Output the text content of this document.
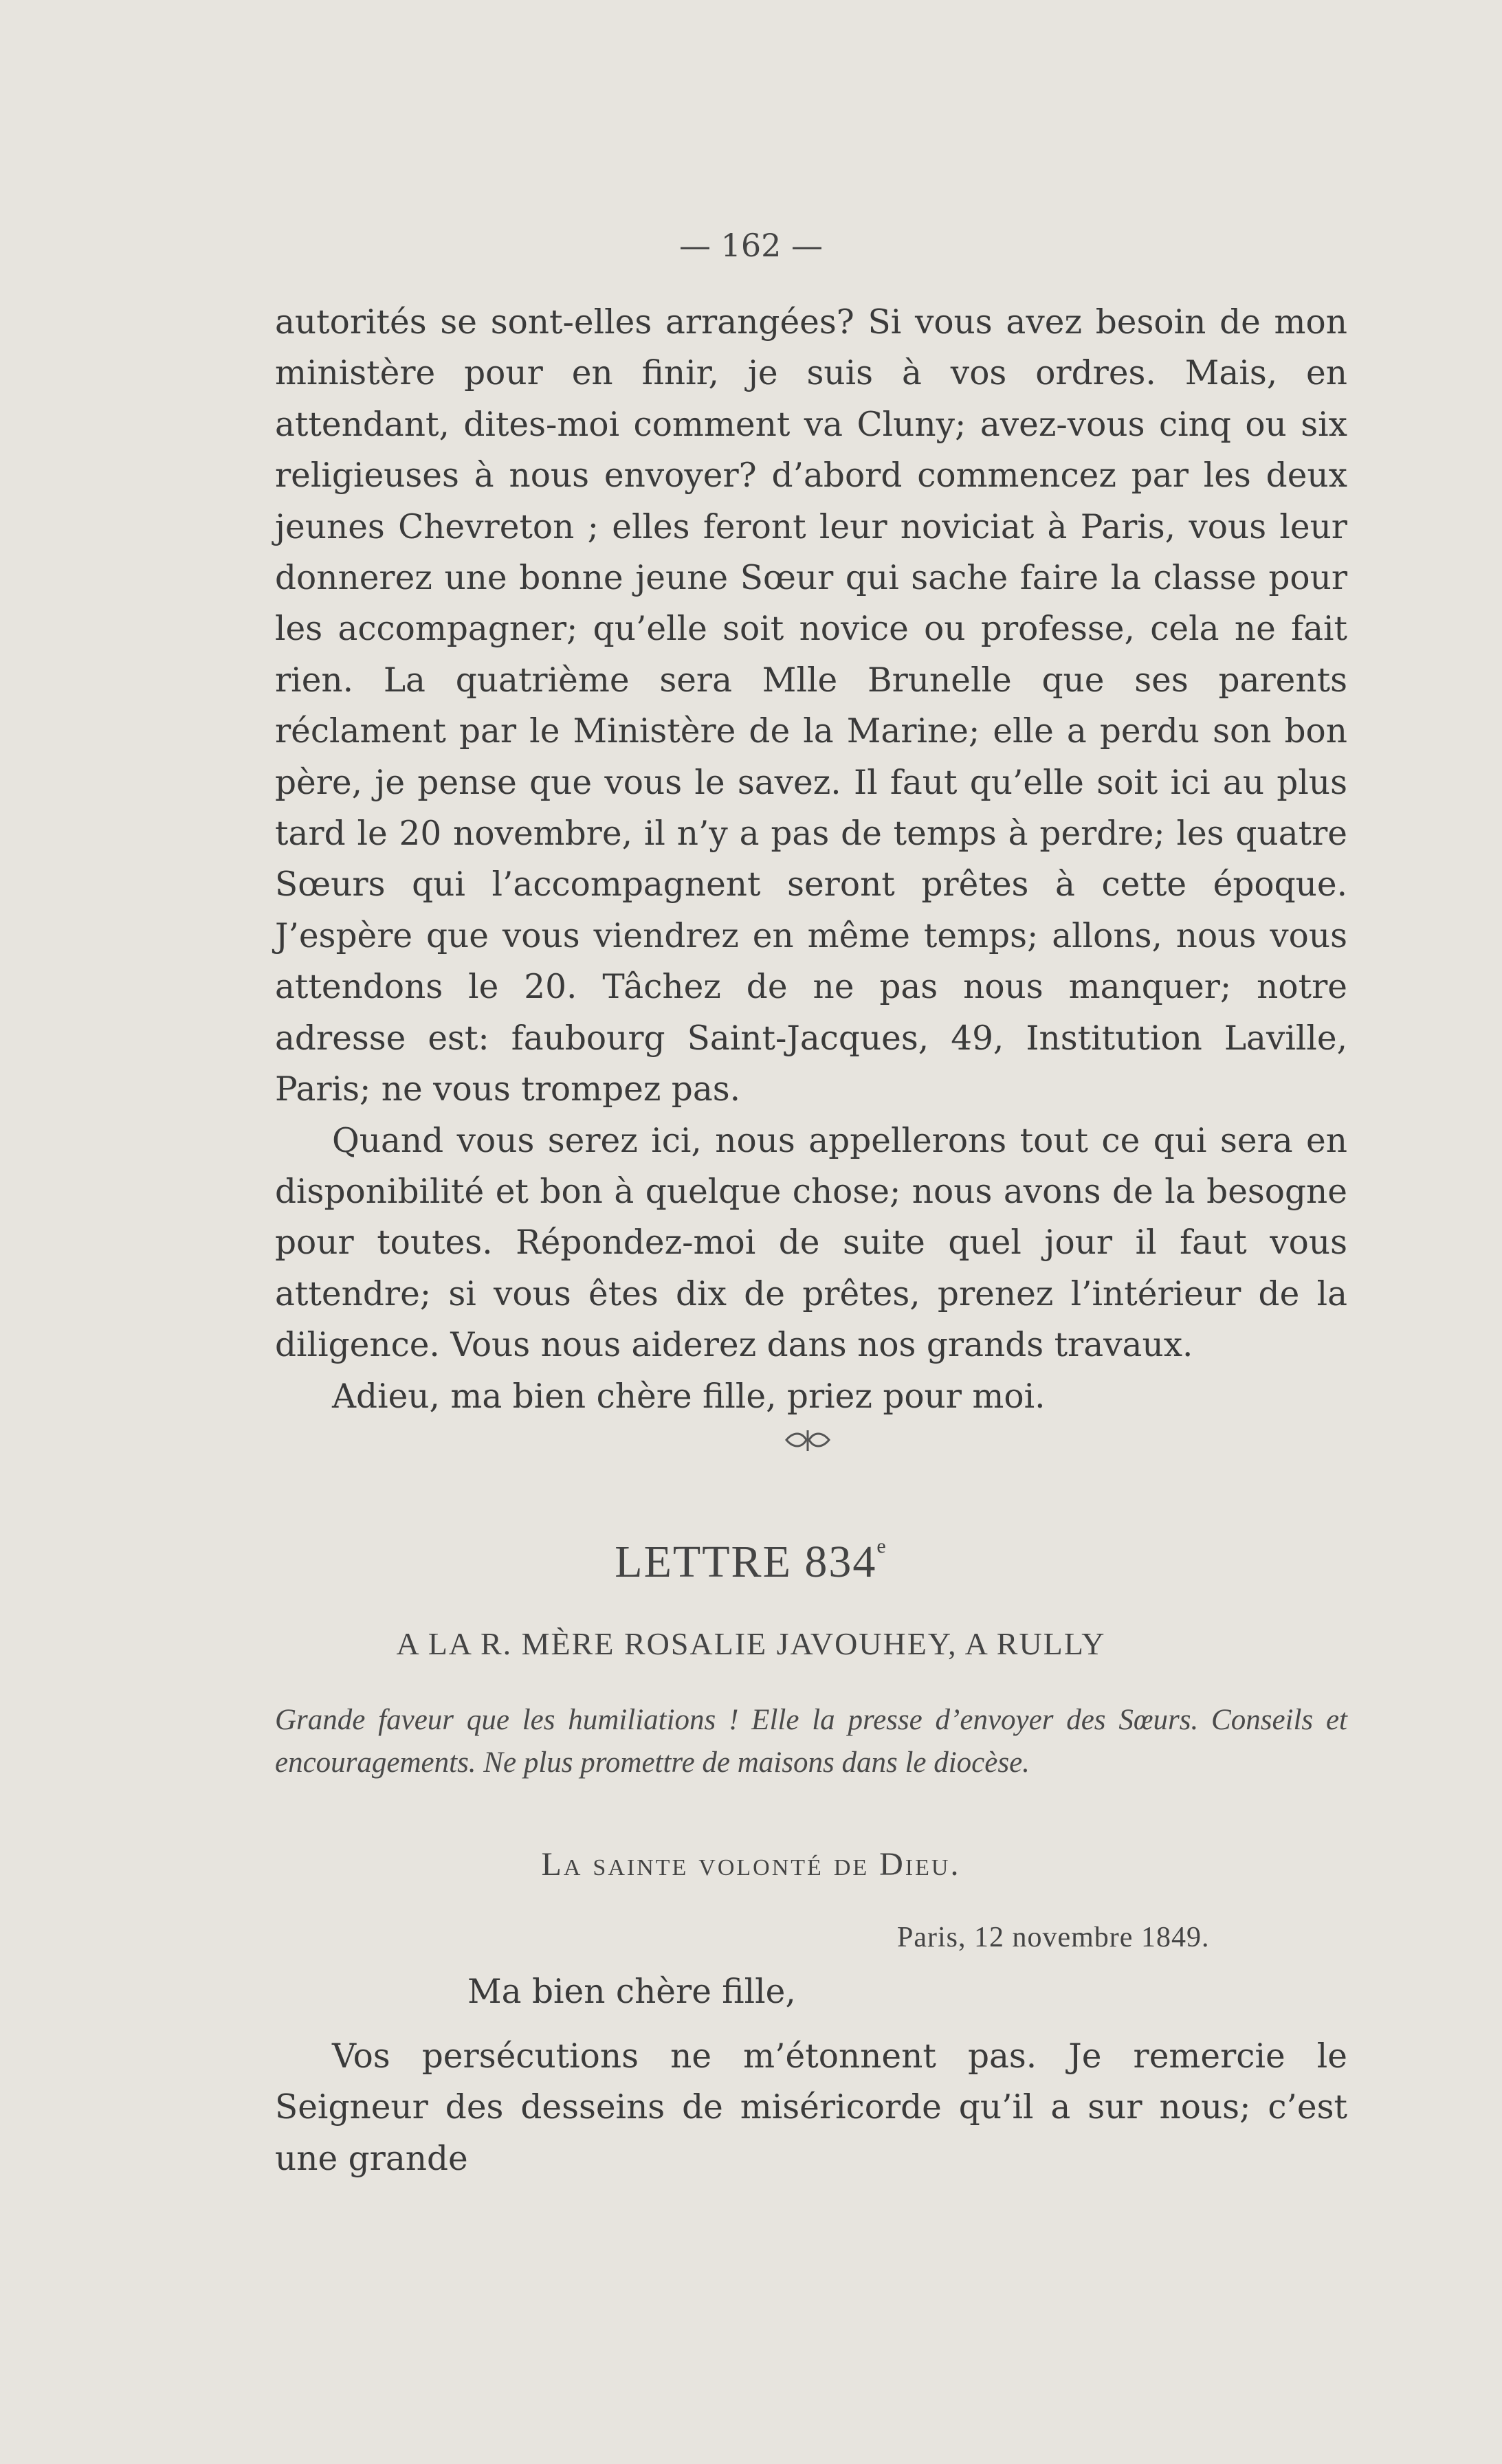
— 162 —

autorités se sont-elles arrangées? Si vous avez besoin de mon ministère pour en finir, je suis à vos ordres. Mais, en attendant, dites-moi comment va Cluny; avez-vous cinq ou six religieuses à nous envoyer? d’abord commencez par les deux jeunes Chevreton ; elles feront leur noviciat à Paris, vous leur donnerez une bonne jeune Sœur qui sache faire la classe pour les accompagner; qu’elle soit novice ou professe, cela ne fait rien. La quatrième sera Mlle Brunelle que ses parents réclament par le Ministère de la Marine; elle a perdu son bon père, je pense que vous le savez. Il faut qu’elle soit ici au plus tard le 20 novembre, il n’y a pas de temps à perdre; les quatre Sœurs qui l’accompagnent seront prêtes à cette époque. J’espère que vous viendrez en même temps; allons, nous vous attendons le 20. Tâchez de ne pas nous manquer; notre adresse est: faubourg Saint-Jacques, 49, Institution Laville, Paris; ne vous trompez pas.

Quand vous serez ici, nous appellerons tout ce qui sera en disponibilité et bon à quelque chose; nous avons de la besogne pour toutes. Répondez-moi de suite quel jour il faut vous attendre; si vous êtes dix de prêtes, prenez l’intérieur de la diligence. Vous nous aiderez dans nos grands travaux.

Adieu, ma bien chère fille, priez pour moi.

LETTRE 834e
A LA R. MÈRE ROSALIE JAVOUHEY, A RULLY
Grande faveur que les humiliations ! Elle la presse d’envoyer des Sœurs. Conseils et encouragements. Ne plus promettre de maisons dans le diocèse.
La sainte volonté de Dieu.
Paris, 12 novembre 1849.
Ma bien chère fille,

Vos persécutions ne m’étonnent pas. Je remercie le Seigneur des desseins de miséricorde qu’il a sur nous; c’est une grande
